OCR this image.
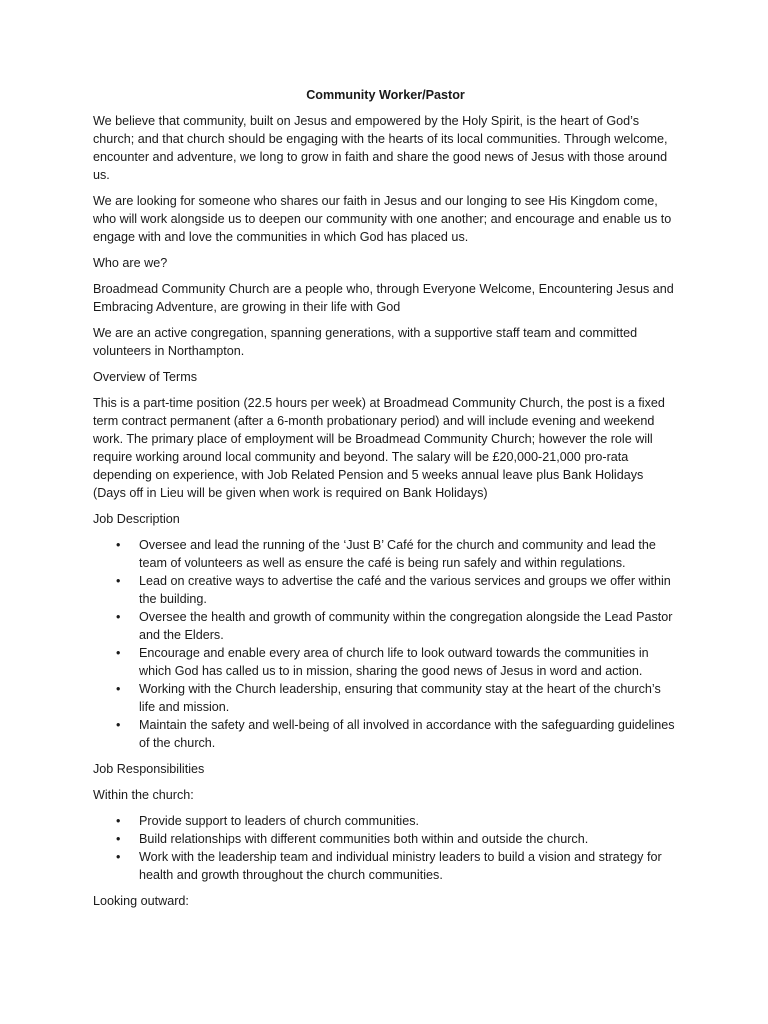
Community Worker/Pastor

We believe that community, built on Jesus and empowered by the Holy Spirit, is the heart of God’s church; and that church should be engaging with the hearts of its local communities. Through welcome, encounter and adventure, we long to grow in faith and share the good news of Jesus with those around us.

We are looking for someone who shares our faith in Jesus and our longing to see His Kingdom come, who will work alongside us to deepen our community with one another; and encourage and enable us to engage with and love the communities in which God has placed us.

Who are we?

Broadmead Community Church are a people who, through Everyone Welcome, Encountering Jesus and Embracing Adventure, are growing in their life with God

We are an active congregation, spanning generations, with a supportive staff team and committed volunteers in Northampton.

Overview of Terms

This is a part-time position (22.5 hours per week) at Broadmead Community Church, the post is a fixed term contract permanent (after a 6-month probationary period) and will include evening and weekend work. The primary place of employment will be Broadmead Community Church; however the role will require working around local community and beyond. The salary will be £20,000-21,000 pro-rata depending on experience, with Job Related Pension and 5 weeks annual leave plus Bank Holidays (Days off in Lieu will be given when work is required on Bank Holidays)

Job Description

• Oversee and lead the running of the ‘Just B’ Café for the church and community and lead the team of volunteers as well as ensure the café is being run safely and within regulations.
• Lead on creative ways to advertise the café and the various services and groups we offer within the building.
• Oversee the health and growth of community within the congregation alongside the Lead Pastor and the Elders.
• Encourage and enable every area of church life to look outward towards the communities in which God has called us to in mission, sharing the good news of Jesus in word and action.
• Working with the Church leadership, ensuring that community stay at the heart of the church’s life and mission.
• Maintain the safety and well-being of all involved in accordance with the safeguarding guidelines of the church.

Job Responsibilities

Within the church:

• Provide support to leaders of church communities.
• Build relationships with different communities both within and outside the church.
• Work with the leadership team and individual ministry leaders to build a vision and strategy for health and growth throughout the church communities.

Looking outward:
